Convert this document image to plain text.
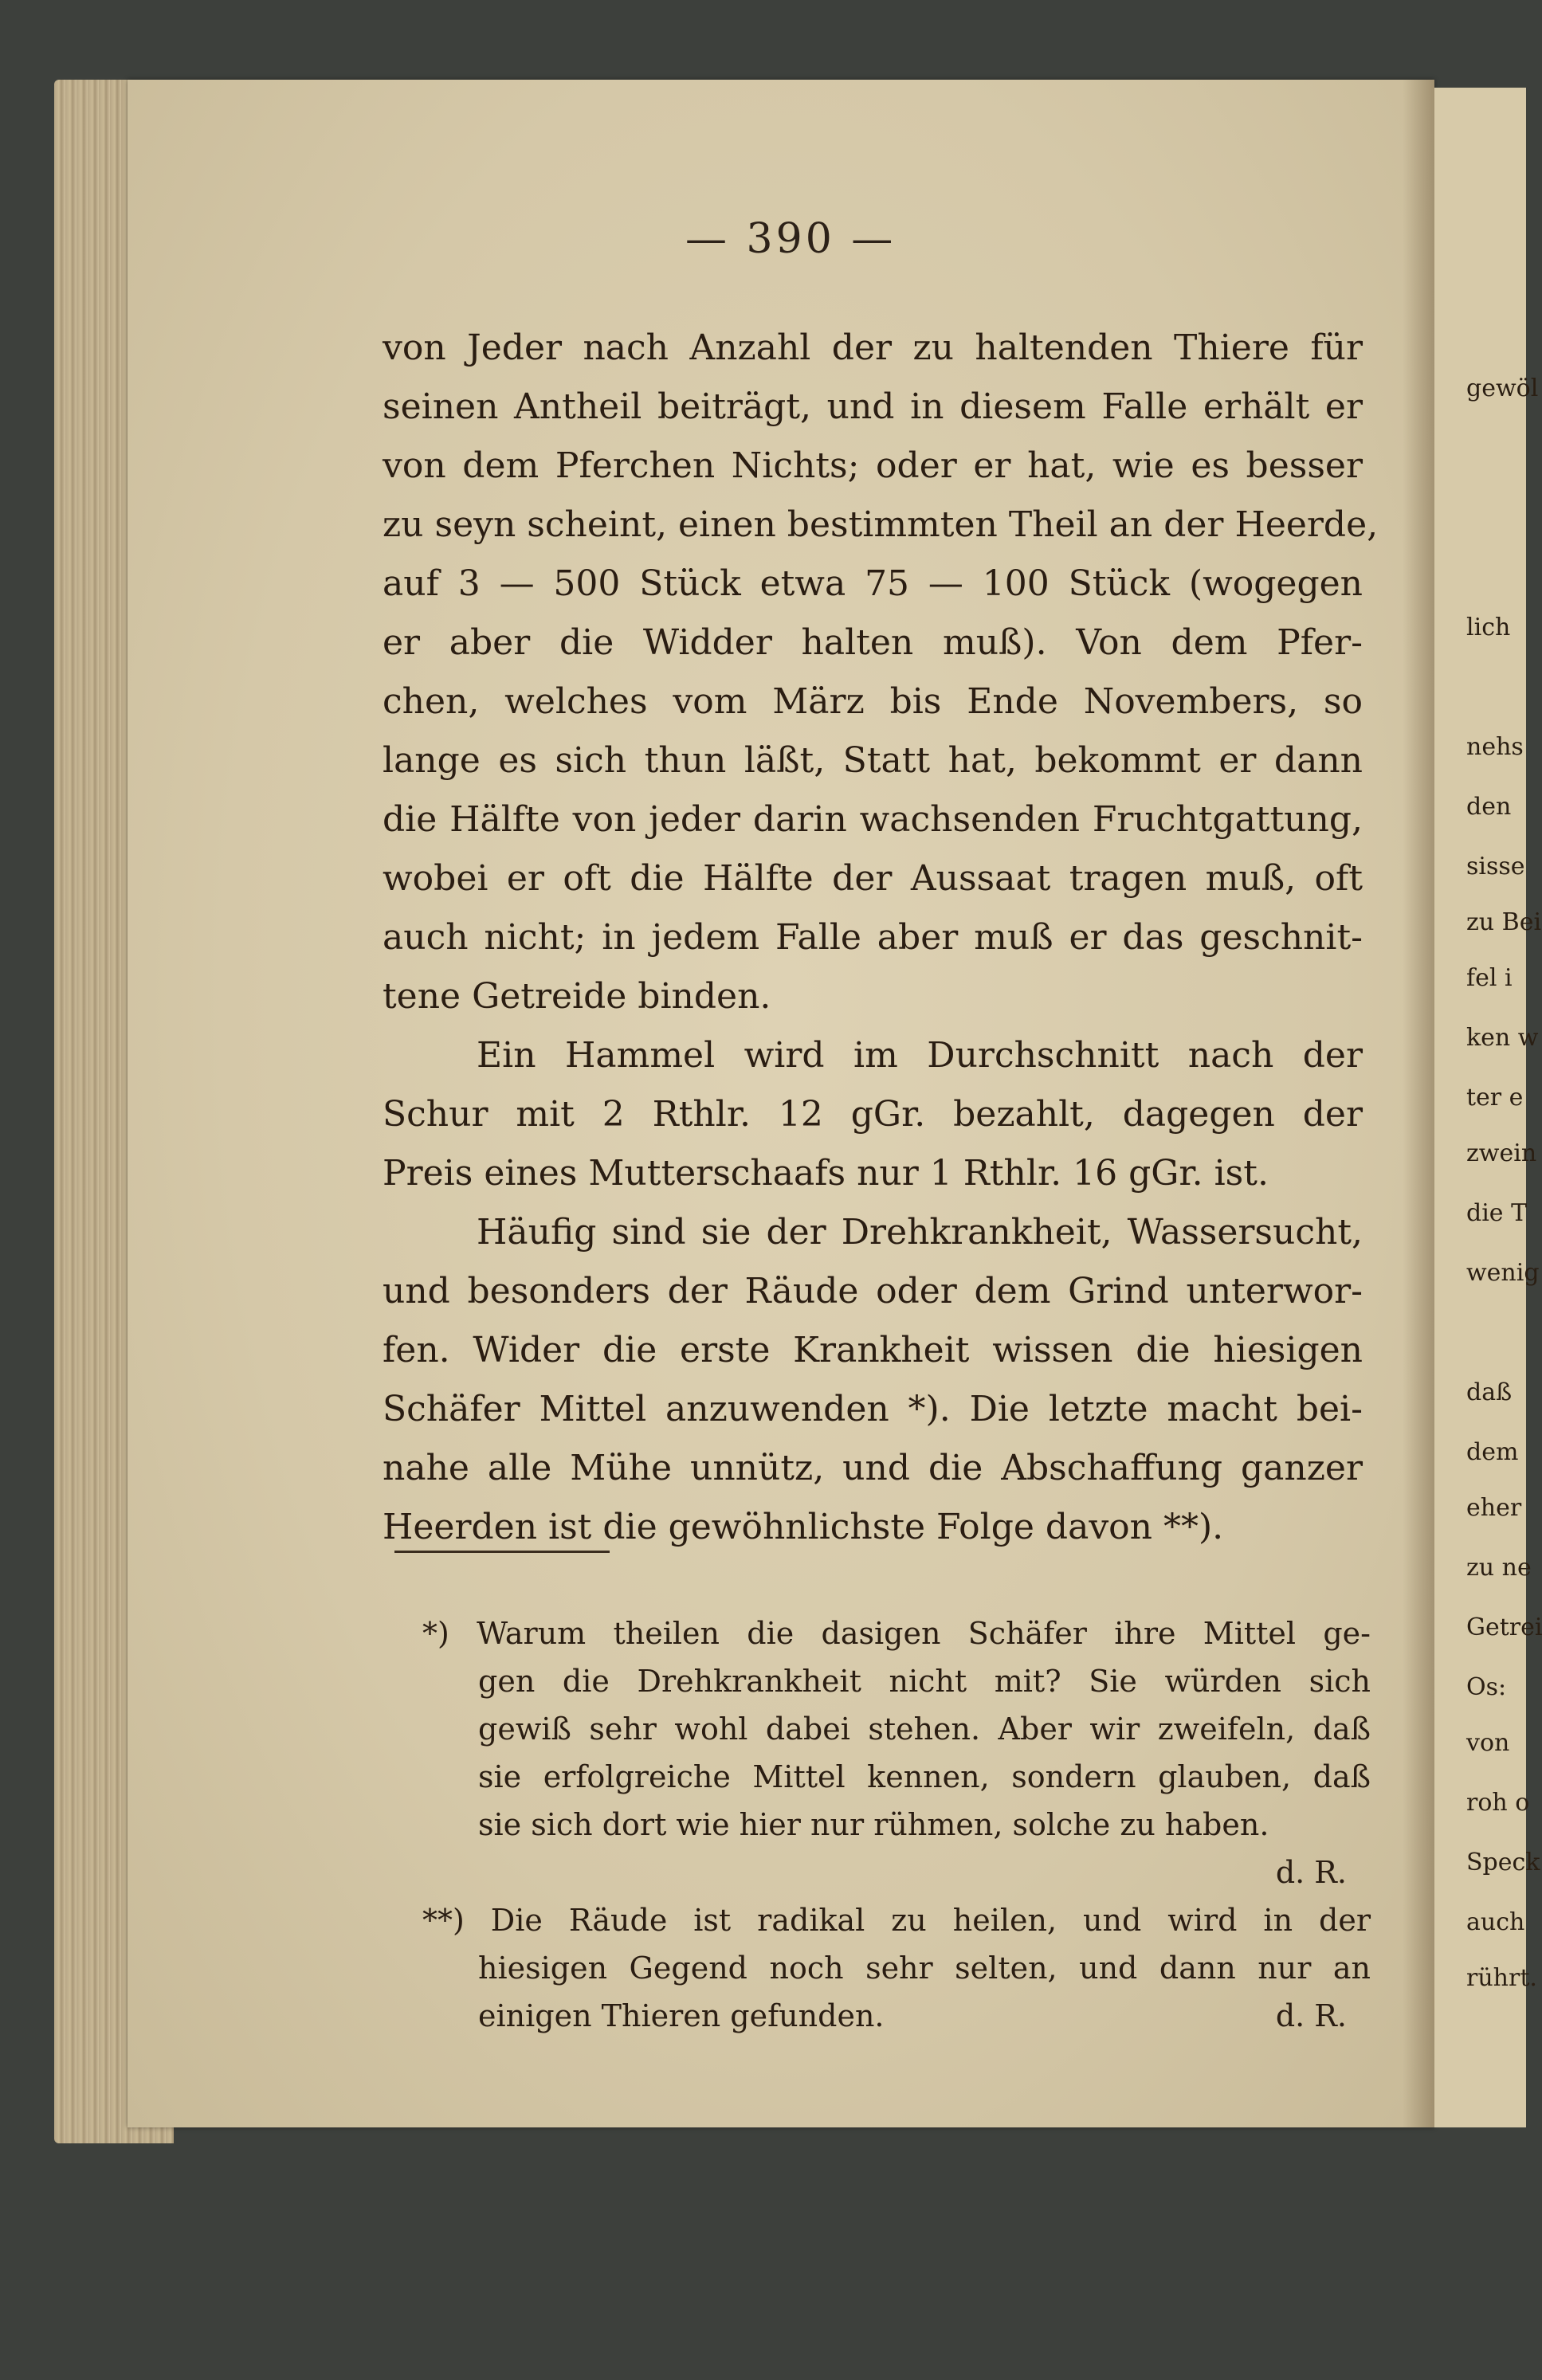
gewöl
lich
nehs
den
sisse
zu Bei
fel i
ken w
ter e
zwein
die T
wenig
daß
dem
eher
zu ne
Getrei
Os:
von
roh o
Speck
auch
rührt.
— 390 —
von Jeder nach Anzahl der zu haltenden Thiere für
seinen Antheil beiträgt, und in diesem Falle erhält er
von dem Pferchen Nichts; oder er hat, wie es besser
zu seyn scheint, einen bestimmten Theil an der Heerde,
auf 3 — 500 Stück etwa 75 — 100 Stück (wogegen
er aber die Widder halten muß). Von dem Pfer-
chen, welches vom März bis Ende Novembers, so
lange es sich thun läßt, Statt hat, bekommt er dann
die Hälfte von jeder darin wachsenden Fruchtgattung,
wobei er oft die Hälfte der Aussaat tragen muß, oft
auch nicht; in jedem Falle aber muß er das geschnit-
tene Getreide binden.
Ein Hammel wird im Durchschnitt nach der
Schur mit 2 Rthlr. 12 gGr. bezahlt, dagegen der
Preis eines Mutterschaafs nur 1 Rthlr. 16 gGr. ist.
Häufig sind sie der Drehkrankheit, Wassersucht,
und besonders der Räude oder dem Grind unterwor-
fen. Wider die erste Krankheit wissen die hiesigen
Schäfer Mittel anzuwenden *). Die letzte macht bei-
nahe alle Mühe unnütz, und die Abschaffung ganzer
Heerden ist die gewöhnlichste Folge davon **).
*) Warum theilen die dasigen Schäfer ihre Mittel ge-
gen die Drehkrankheit nicht mit? Sie würden sich
gewiß sehr wohl dabei stehen. Aber wir zweifeln, daß
sie erfolgreiche Mittel kennen, sondern glauben, daß
sie sich dort wie hier nur rühmen, solche zu haben.
d. R.
**) Die Räude ist radikal zu heilen, und wird in der
hiesigen Gegend noch sehr selten, und dann nur an
einigen Thieren gefunden.	d. R.
